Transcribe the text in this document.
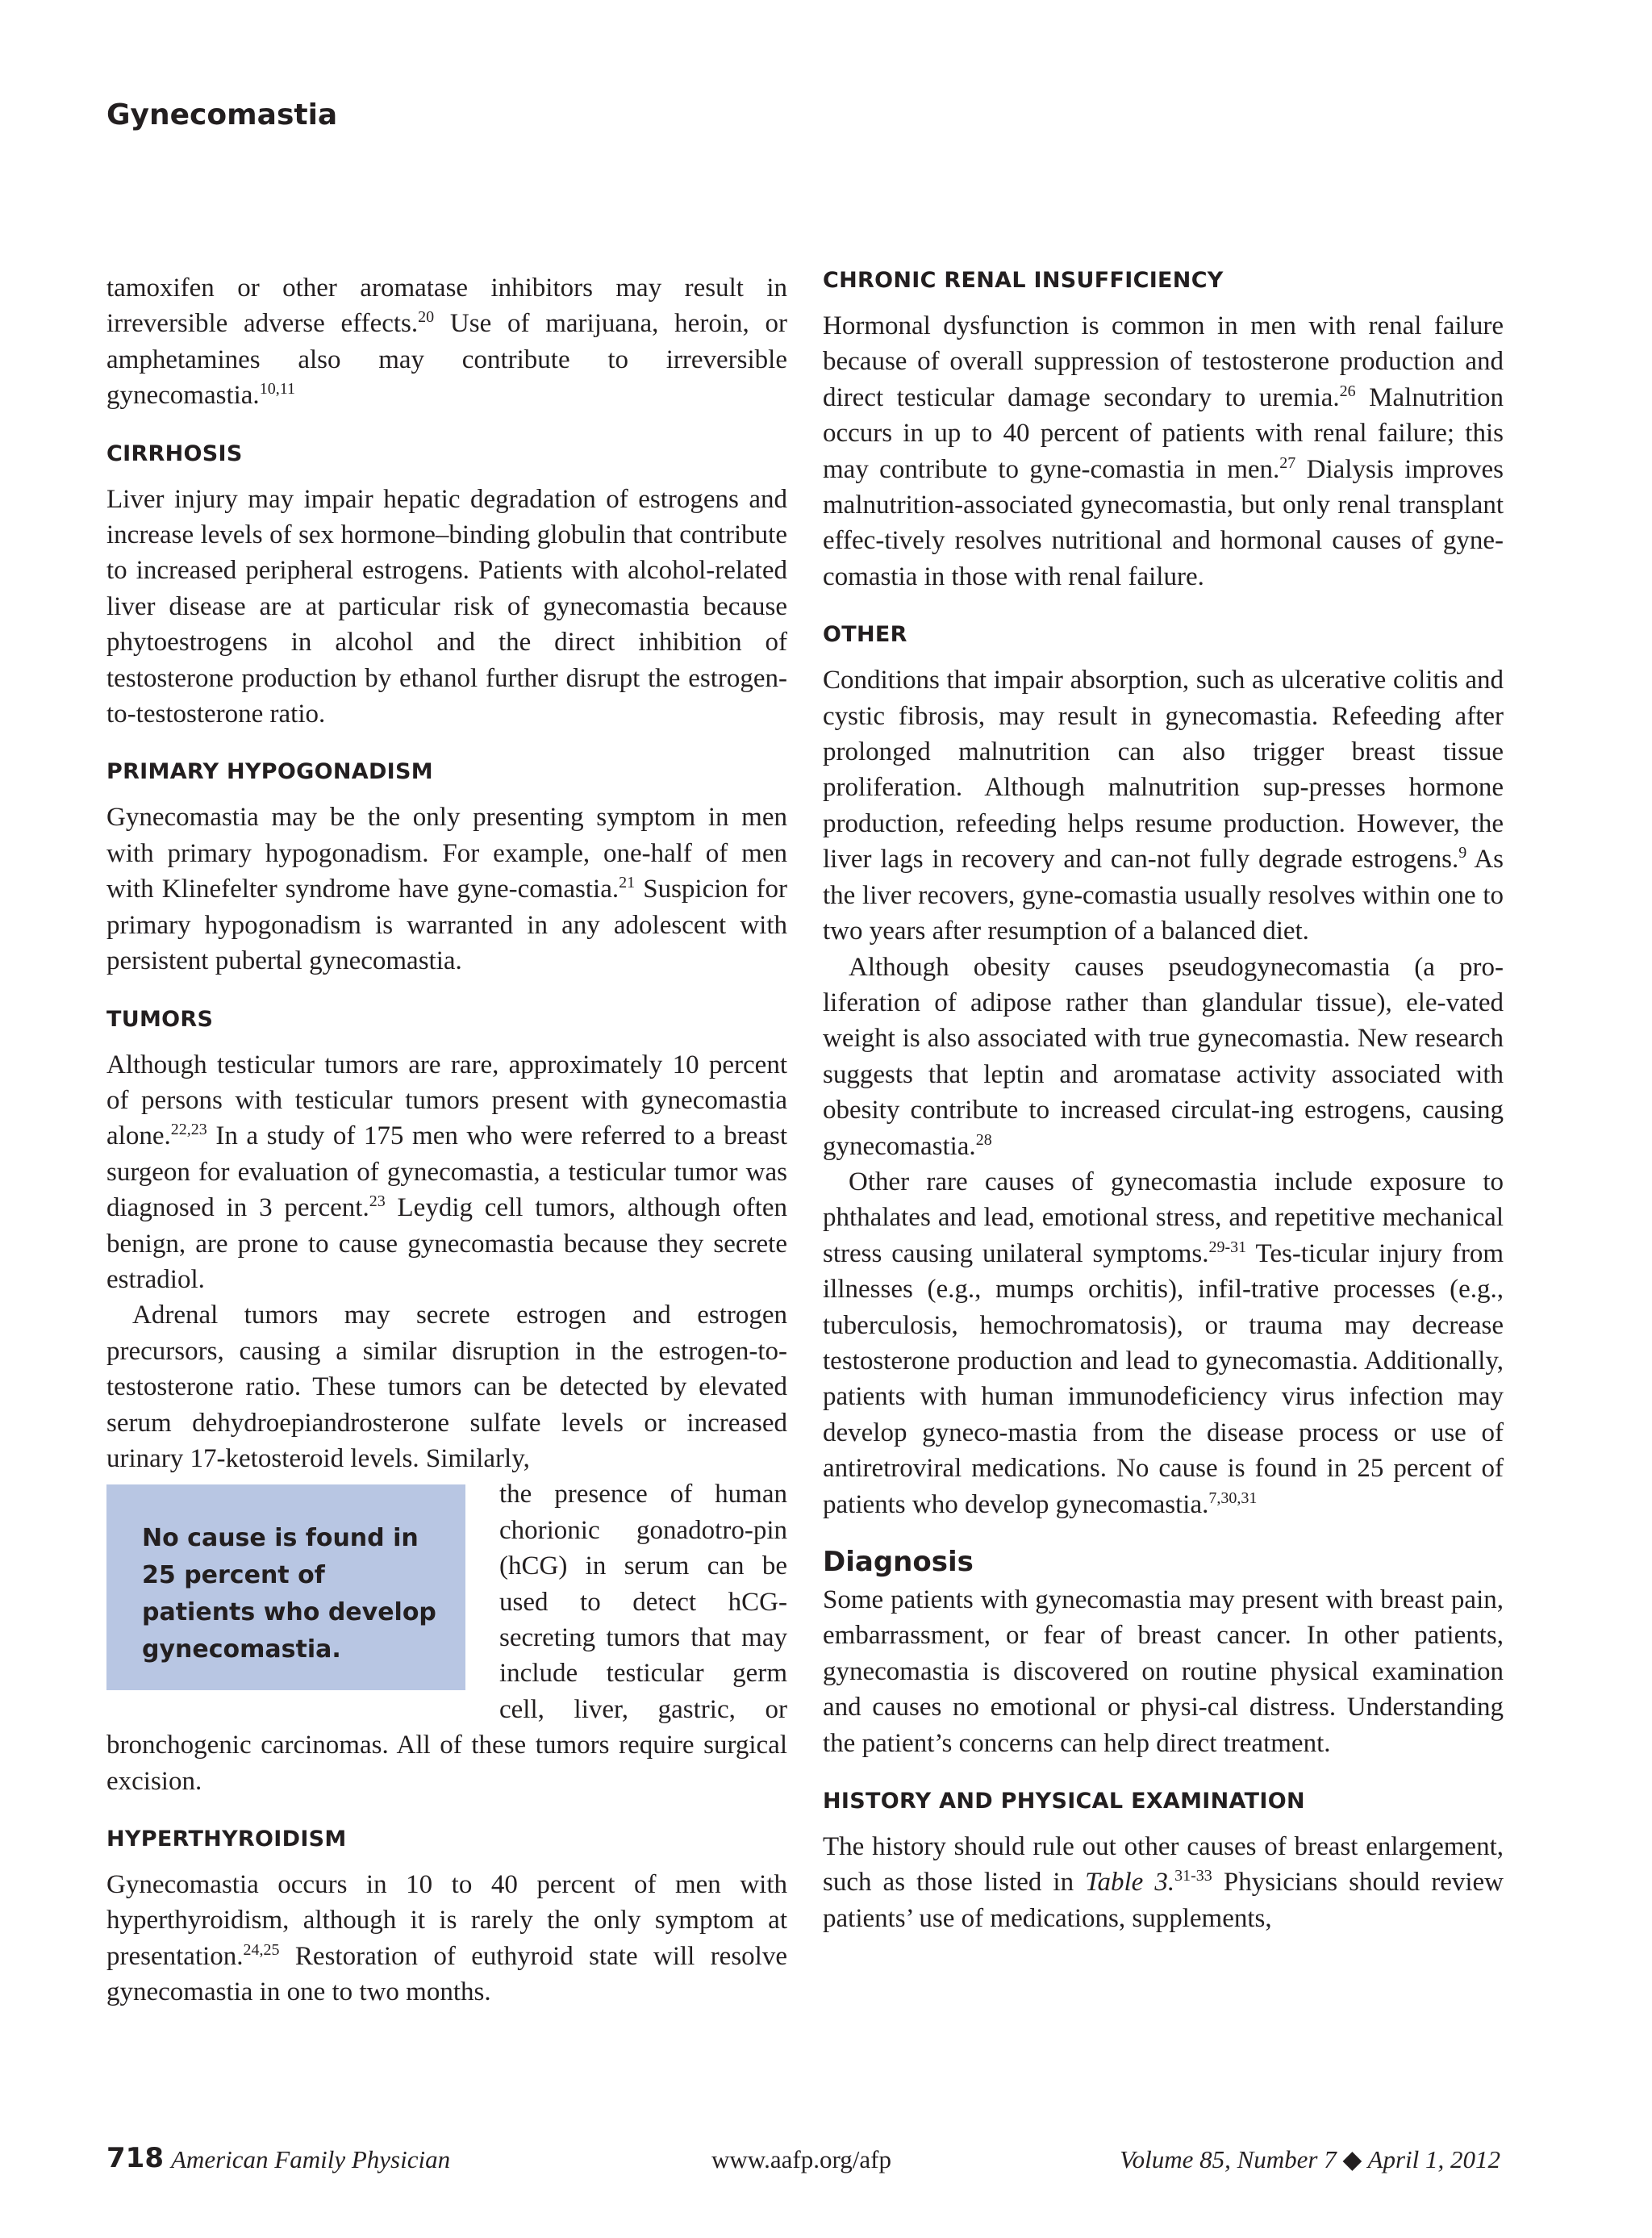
Gynecomastia

tamoxifen or other aromatase inhibitors may result in irreversible adverse effects.$^{20}$ Use of marijuana, heroin, or amphetamines also may contribute to irreversible gynecomastia.$^{10,11}$

CIRRHOSIS

Liver injury may impair hepatic degradation of estrogens and increase levels of sex hormone–binding globulin that contribute to increased peripheral estrogens. Patients with alcohol-related liver disease are at particular risk of gynecomastia because phytoestrogens in alcohol and the direct inhibition of testosterone production by ethanol further disrupt the estrogen-to-testosterone ratio.

PRIMARY HYPOGONADISM

Gynecomastia may be the only presenting symptom in men with primary hypogonadism. For example, one-half of men with Klinefelter syndrome have gyne-comastia.$^{21}$ Suspicion for primary hypogonadism is warranted in any adolescent with persistent pubertal gynecomastia.

TUMORS

Although testicular tumors are rare, approximately 10 percent of persons with testicular tumors present with gynecomastia alone.$^{22,23}$ In a study of 175 men who were referred to a breast surgeon for evaluation of gynecomastia, a testicular tumor was diagnosed in 3 percent.$^{23}$ Leydig cell tumors, although often benign, are prone to cause gynecomastia because they secrete estradiol.

Adrenal tumors may secrete estrogen and estrogen precursors, causing a similar disruption in the estrogen-to-testosterone ratio. These tumors can be detected by elevated serum dehydroepiandrosterone sulfate levels or increased urinary 17-ketosteroid levels. Similarly,

No cause is found in 25 percent of patients who develop gynecomastia.

the presence of human chorionic gonadotro-pin (hCG) in serum can be used to detect hCG-secreting tumors that may include testicular germ cell, liver, gastric, or bronchogenic carcinomas. All of these tumors require surgical excision.

HYPERTHYROIDISM

Gynecomastia occurs in 10 to 40 percent of men with hyperthyroidism, although it is rarely the only symptom at presentation.$^{24,25}$ Restoration of euthyroid state will resolve gynecomastia in one to two months.

CHRONIC RENAL INSUFFICIENCY

Hormonal dysfunction is common in men with renal failure because of overall suppression of testosterone production and direct testicular damage secondary to uremia.$^{26}$ Malnutrition occurs in up to 40 percent of patients with renal failure; this may contribute to gyne-comastia in men.$^{27}$ Dialysis improves malnutrition-associated gynecomastia, but only renal transplant effec-tively resolves nutritional and hormonal causes of gyne-comastia in those with renal failure.

OTHER

Conditions that impair absorption, such as ulcerative colitis and cystic fibrosis, may result in gynecomastia. Refeeding after prolonged malnutrition can also trigger breast tissue proliferation. Although malnutrition sup-presses hormone production, refeeding helps resume production. However, the liver lags in recovery and can-not fully degrade estrogens.$^9$ As the liver recovers, gyne-comastia usually resolves within one to two years after resumption of a balanced diet.

Although obesity causes pseudogynecomastia (a pro-liferation of adipose rather than glandular tissue), ele-vated weight is also associated with true gynecomastia. New research suggests that leptin and aromatase activity associated with obesity contribute to increased circulat-ing estrogens, causing gynecomastia.$^{28}$

Other rare causes of gynecomastia include exposure to phthalates and lead, emotional stress, and repetitive mechanical stress causing unilateral symptoms.$^{29-31}$ Tes-ticular injury from illnesses (e.g., mumps orchitis), infil-trative processes (e.g., tuberculosis, hemochromatosis), or trauma may decrease testosterone production and lead to gynecomastia. Additionally, patients with human immunodeficiency virus infection may develop gyneco-mastia from the disease process or use of antiretroviral medications. No cause is found in 25 percent of patients who develop gynecomastia.$^{7,30,31}$

Diagnosis

Some patients with gynecomastia may present with breast pain, embarrassment, or fear of breast cancer. In other patients, gynecomastia is discovered on routine physical examination and causes no emotional or physi-cal distress. Understanding the patient’s concerns can help direct treatment.

HISTORY AND PHYSICAL EXAMINATION

The history should rule out other causes of breast enlargement, such as those listed in Table 3.$^{31-33}$ Physicians should review patients’ use of medications, supplements,

718 American Family Physician	www.aafp.org/afp	Volume 85, Number 7 ◆ April 1, 2012
